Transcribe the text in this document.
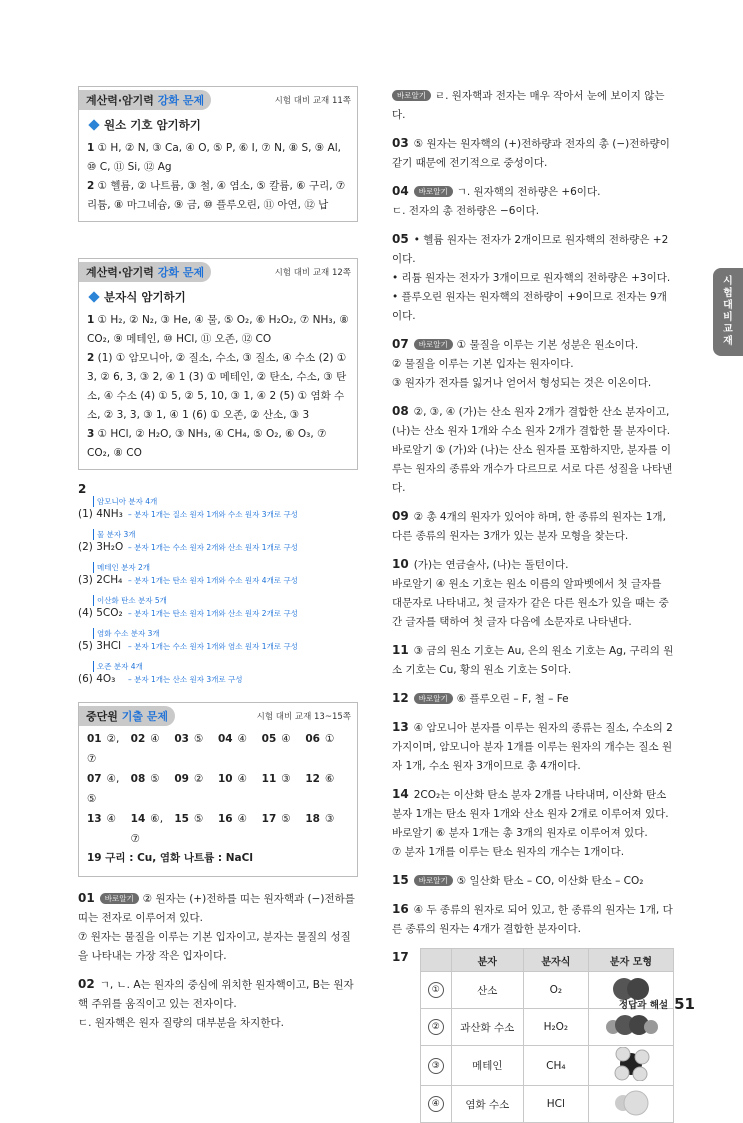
시
험
대
비
교
재
계산력·암기력 강화 문제	시험 대비 교재 11쪽
원소 기호 암기하기

1 ① H, ② N, ③ Ca, ④ O, ⑤ P, ⑥ I, ⑦ N, ⑧ S, ⑨ Al, ⑩ C, ⑪ Si, ⑫ Ag

2 ① 헬륨, ② 나트륨, ③ 철, ④ 염소, ⑤ 칼륨, ⑥ 구리, ⑦ 리튬, ⑧ 마그네슘, ⑨ 금, ⑩ 플루오린, ⑪ 아연, ⑫ 납

계산력·암기력 강화 문제	시험 대비 교재 12쪽
분자식 암기하기

1 ① H₂, ② N₂, ③ He, ④ 물, ⑤ O₂, ⑥ H₂O₂, ⑦ NH₃, ⑧ CO₂, ⑨ 메테인, ⑩ HCl, ⑪ 오존, ⑫ CO

2 (1) ① 암모니아, ② 질소, 수소, ③ 질소, ④ 수소 (2) ① 3, ② 6, 3, ③ 2, ④ 1 (3) ① 메테인, ② 탄소, 수소, ③ 탄소, ④ 수소 (4) ① 5, ② 5, 10, ③ 1, ④ 2 (5) ① 염화 수소, ② 3, 3, ③ 1, ④ 1 (6) ① 오존, ② 산소, ③ 3

3 ① HCl, ② H₂O, ③ NH₃, ④ CH₄, ⑤ O₂, ⑥ O₃, ⑦ CO₂, ⑧ CO

2
암모니아 분자 4개
(1) 4NH₃ – 분자 1개는 질소 원자 1개와 수소 원자 3개로 구성
물 분자 3개
(2) 3H₂O – 분자 1개는 수소 원자 2개와 산소 원자 1개로 구성
메테인 분자 2개
(3) 2CH₄ – 분자 1개는 탄소 원자 1개와 수소 원자 4개로 구성
이산화 탄소 분자 5개
(4) 5CO₂ – 분자 1개는 탄소 원자 1개와 산소 원자 2개로 구성
염화 수소 분자 3개
(5) 3HCl – 분자 1개는 수소 원자 1개와 염소 원자 1개로 구성
오존 분자 4개
(6) 4O₃ – 분자 1개는 산소 원자 3개로 구성
중단원 기출 문제	시험 대비 교재 13~15쪽
01 ②, ⑦
02 ④	03 ⑤	04 ④	05 ④	06 ①
07 ④, ⑤
08 ⑤	09 ②	10 ④	11 ③	12 ⑥
13 ④	14 ⑥, ⑦
15 ⑤	16 ④	17 ⑤	18 ③
19 구리 : Cu, 염화 나트륨 : NaCl
01 바로알기 ② 원자는 (+)전하를 띠는 원자핵과 (−)전하를 띠는 전자로 이루어져 있다.
⑦ 원자는 물질을 이루는 기본 입자이고, 분자는 물질의 성질을 나타내는 가장 작은 입자이다.
02 ㄱ, ㄴ. A는 원자의 중심에 위치한 원자핵이고, B는 원자핵 주위를 움직이고 있는 전자이다.
ㄷ. 원자핵은 원자 질량의 대부분을 차지한다.
바로알기 ㄹ. 원자핵과 전자는 매우 작아서 눈에 보이지 않는다.
03 ⑤ 원자는 원자핵의 (+)전하량과 전자의 총 (−)전하량이 같기 때문에 전기적으로 중성이다.
04 바로알기 ㄱ. 원자핵의 전하량은 +6이다.
ㄷ. 전자의 총 전하량은 −6이다.
05 • 헬륨 원자는 전자가 2개이므로 원자핵의 전하량은 +2이다.
• 리튬 원자는 전자가 3개이므로 원자핵의 전하량은 +3이다.
• 플루오린 원자는 원자핵의 전하량이 +9이므로 전자는 9개이다.
07 바로알기 ① 물질을 이루는 기본 성분은 원소이다.
② 물질을 이루는 기본 입자는 원자이다.
③ 원자가 전자를 잃거나 얻어서 형성되는 것은 이온이다.
08 ②, ③, ④ (가)는 산소 원자 2개가 결합한 산소 분자이고, (나)는 산소 원자 1개와 수소 원자 2개가 결합한 물 분자이다.
바로알기 ⑤ (가)와 (나)는 산소 원자를 포함하지만, 분자를 이루는 원자의 종류와 개수가 다르므로 서로 다른 성질을 나타낸다.
09 ② 총 4개의 원자가 있어야 하며, 한 종류의 원자는 1개, 다른 종류의 원자는 3개가 있는 분자 모형을 찾는다.
10 (가)는 연금술사, (나)는 돌턴이다.
바로알기 ④ 원소 기호는 원소 이름의 알파벳에서 첫 글자를 대문자로 나타내고, 첫 글자가 같은 다른 원소가 있을 때는 중간 글자를 택하여 첫 글자 다음에 소문자로 나타낸다.
11 ③ 금의 원소 기호는 Au, 은의 원소 기호는 Ag, 구리의 원소 기호는 Cu, 황의 원소 기호는 S이다.
12 바로알기 ⑥ 플루오린 – F, 철 – Fe
13 ④ 암모니아 분자를 이루는 원자의 종류는 질소, 수소의 2가지이며, 암모니아 분자 1개를 이루는 원자의 개수는 질소 원자 1개, 수소 원자 3개이므로 총 4개이다.
14 2CO₂는 이산화 탄소 분자 2개를 나타내며, 이산화 탄소 분자 1개는 탄소 원자 1개와 산소 원자 2개로 이루어져 있다.
바로알기 ⑥ 분자 1개는 총 3개의 원자로 이루어져 있다.
⑦ 분자 1개를 이루는 탄소 원자의 개수는 1개이다.
15 바로알기 ⑤ 일산화 탄소 – CO, 이산화 탄소 – CO₂
16 ④ 두 종류의 원자로 되어 있고, 한 종류의 원자는 1개, 다른 종류의 원자는 4개가 결합한 분자이다.
17
		분자	분자식	분자 모형
①	산소	O₂	
②	과산화 수소	H₂O₂	
③	메테인	CH₄	
④	염화 수소	HCl	
정답과 해설 51
